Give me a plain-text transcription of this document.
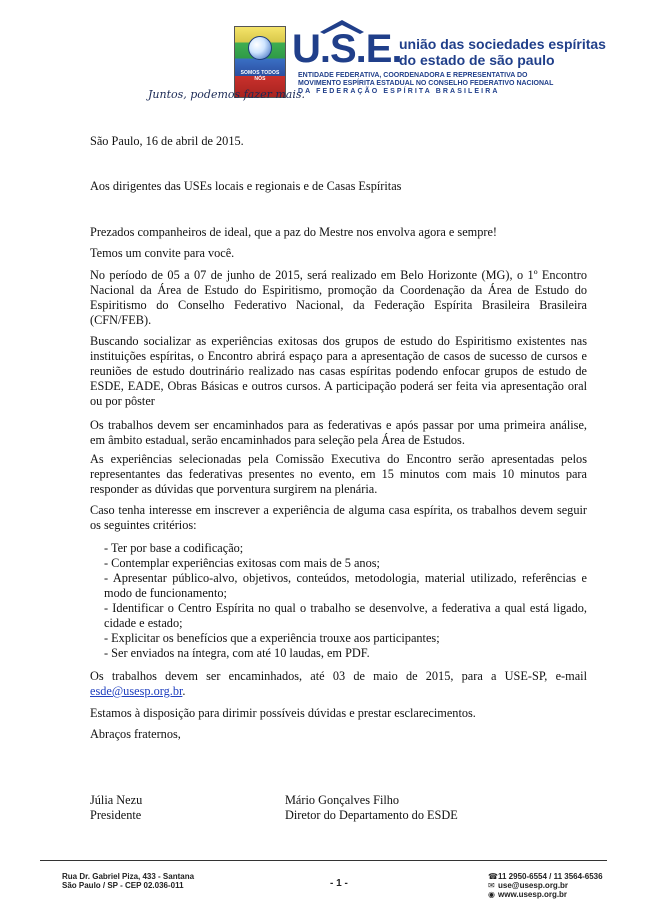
SOMOS TODOS NÓS
Juntos, podemos fazer mais.
U.S.E.
união das sociedades espíritas
do estado de são paulo
ENTIDADE FEDERATIVA, COORDENADORA E REPRESENTATIVA DO
MOVIMENTO ESPÍRITA ESTADUAL NO CONSELHO FEDERATIVO NACIONAL
DA FEDERAÇÃO ESPÍRITA BRASILEIRA
São Paulo, 16 de abril de 2015.
Aos dirigentes das USEs locais e regionais e de Casas Espíritas
Prezados companheiros de ideal, que a paz do Mestre nos envolva agora e sempre!
Temos um convite para você.
No período de 05 a 07 de junho de 2015, será realizado em Belo Horizonte (MG), o 1º Encontro Nacional da Área de Estudo do Espiritismo, promoção da Coordenação da Área de Estudo do Espiritismo do Conselho Federativo Nacional, da Federação Espírita Brasileira Brasileira (CFN/FEB).
Buscando socializar as experiências exitosas dos grupos de estudo do Espiritismo existentes nas instituições espíritas, o Encontro abrirá espaço para a apresentação de casos de sucesso de cursos e reuniões de estudo doutrinário realizado nas casas espíritas podendo enfocar grupos de estudo de ESDE, EADE, Obras Básicas e outros cursos. A participação poderá ser feita via apresentação oral ou por pôster
Os trabalhos devem ser encaminhados para as federativas e após passar por uma primeira análise, em âmbito estadual, serão encaminhados para seleção pela Área de Estudos.
As experiências selecionadas pela Comissão Executiva do Encontro serão apresentadas pelos representantes das federativas presentes no evento, em 15 minutos com mais 10 minutos para responder as dúvidas que porventura surgirem na plenária.
Caso tenha interesse em inscrever a experiência de alguma casa espírita, os trabalhos devem seguir os seguintes critérios:
- Ter por base a codificação;
- Contemplar experiências exitosas com mais de 5 anos;
- Apresentar público-alvo, objetivos, conteúdos, metodologia, material utilizado, referências e modo de funcionamento;
- Identificar o Centro Espírita no qual o trabalho se desenvolve, a federativa a qual está ligado, cidade e estado;
- Explicitar os benefícios que a experiência trouxe aos participantes;
- Ser enviados na íntegra, com até 10 laudas, em PDF.
Os trabalhos devem ser encaminhados, até 03 de maio de 2015, para a USE-SP, e-mail esde@usesp.org.br.
Estamos à disposição para dirimir possíveis dúvidas e prestar esclarecimentos.
Abraços fraternos,
Júlia Nezu
Presidente
Mário Gonçalves Filho
Diretor do Departamento do ESDE
Rua Dr. Gabriel Piza, 433 - Santana
São Paulo / SP - CEP 02.036-011	- 1 -
☎11 2950-6554 / 11 3564-6536
✉ use@usesp.org.br
◉ www.usesp.org.br
